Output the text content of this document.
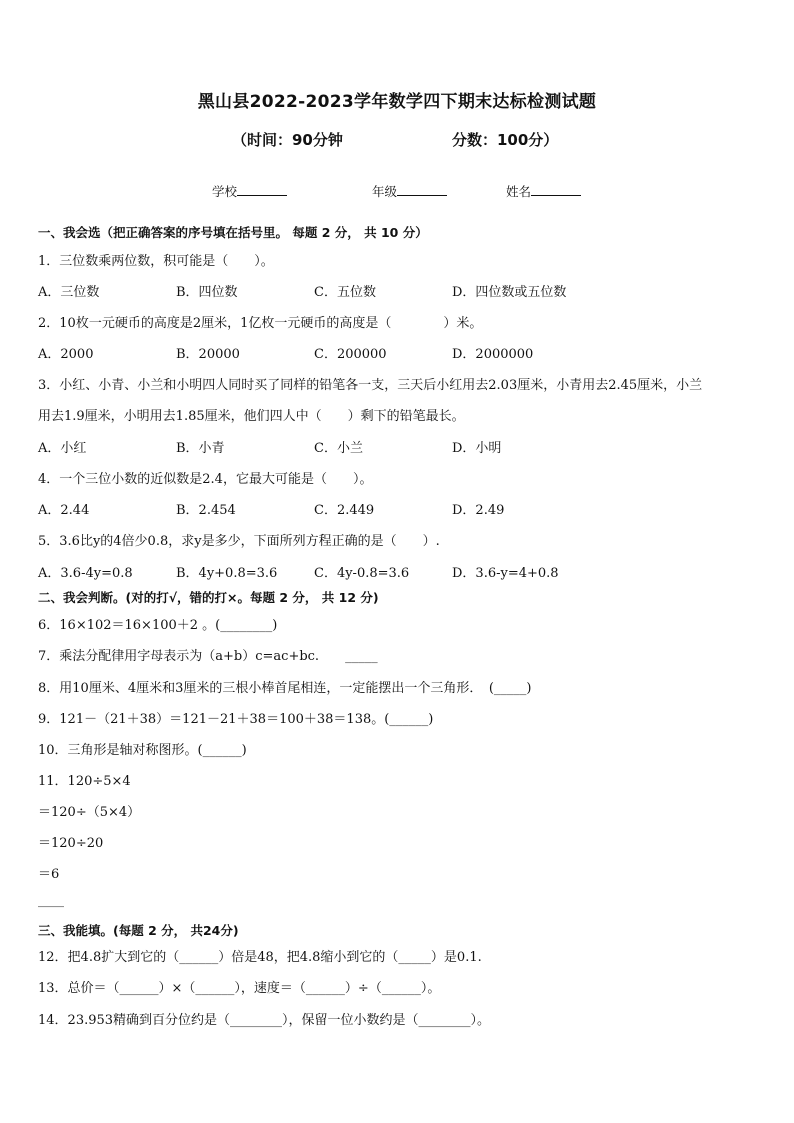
黑山县2022-2023学年数学四下期末达标检测试题
（时间：90分钟	分数：100分）
学校	年级	姓名
一、我会选（把正确答案的序号填在括号里。 每题 2 分， 共 10 分）
1．三位数乘两位数，积可能是（　　）。
A．三位数	B．四位数	C．五位数	D．四位数或五位数
2．10枚一元硬币的高度是2厘米，1亿枚一元硬币的高度是（　　　　）米。
A．2000	B．20000	C．200000	D．2000000
3．小红、小青、小兰和小明四人同时买了同样的铅笔各一支，三天后小红用去2.03厘米，小青用去2.45厘米，小兰
用去1.9厘米，小明用去1.85厘米，他们四人中（　　）剩下的铅笔最长。
A．小红	B．小青	C．小兰	D．小明
4．一个三位小数的近似数是2.4，它最大可能是（　　）。
A．2.44	B．2.454	C．2.449	D．2.49
5．3.6比y的4倍少0.8，求y是多少，下面所列方程正确的是（　　）.
A．3.6-4y=0.8	B．4y+0.8=3.6	C．4y-0.8=3.6	D．3.6-y=4+0.8
二、我会判断。(对的打√，错的打×。每题 2 分， 共 12 分)
6．16×102＝16×100＋2 。(________)
7．乘法分配律用字母表示为（a+b）c=ac+bc.　　_____
8．用10厘米、4厘米和3厘米的三根小棒首尾相连，一定能摆出一个三角形．　(_____)
9．121－（21＋38）＝121－21＋38＝100＋38＝138。(______)
10．三角形是轴对称图形。(______)
11．120÷5×4
＝120÷（5×4）
＝120÷20
＝6
____
三、我能填。(每题 2 分， 共24分)
12．把4.8扩大到它的（______）倍是48，把4.8缩小到它的（_____）是0.1.
13．总价＝（______）×（______），速度＝（______）÷（______）。
14．23.953精确到百分位约是（________），保留一位小数约是（________）。
